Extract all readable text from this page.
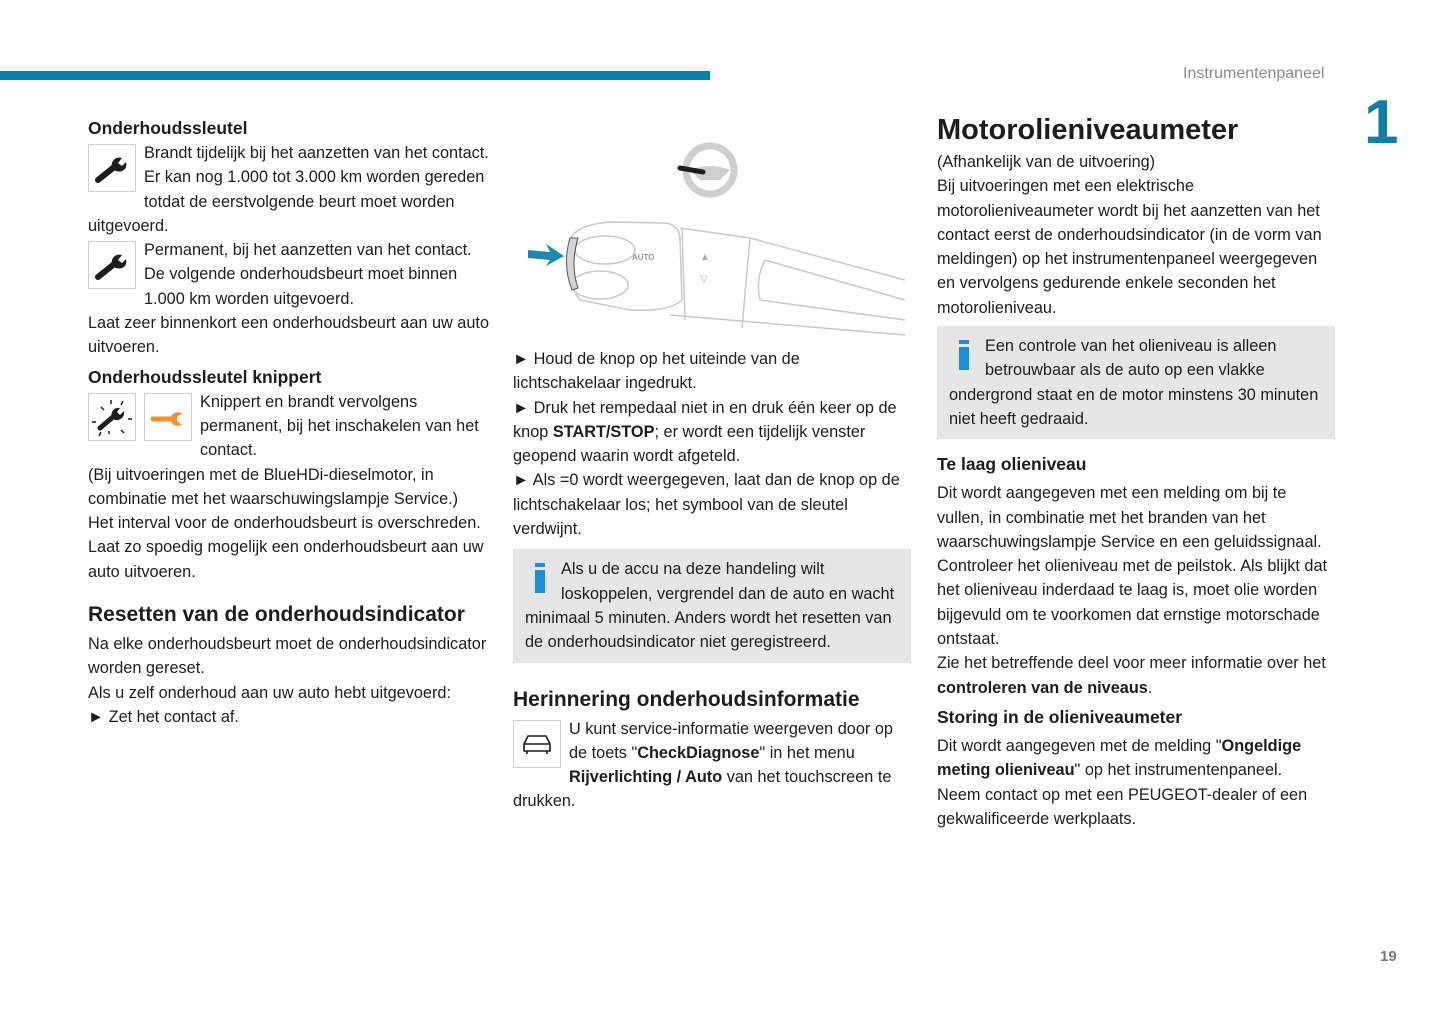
Instrumentenpaneel
1
19
Onderhoudssleutel

Brandt tijdelijk bij het aanzetten van het contact.

Er kan nog 1.000 tot 3.000 km worden gereden totdat de eerstvolgende beurt moet worden uitgevoerd.

Permanent, bij het aanzetten van het contact. De volgende onderhoudsbeurt moet binnen 1.000 km worden uitgevoerd.

Laat zeer binnenkort een onderhoudsbeurt aan uw auto uitvoeren.

Onderhoudssleutel knippert

Knippert en brandt vervolgens permanent, bij het inschakelen van het contact.

(Bij uitvoeringen met de BlueHDi-dieselmotor, in combinatie met het waarschuwingslampje Service.)

Het interval voor de onderhoudsbeurt is overschreden.

Laat zo spoedig mogelijk een onderhoudsbeurt aan uw auto uitvoeren.

Resetten van de onderhoudsindicator

Na elke onderhoudsbeurt moet de onderhoudsindicator worden gereset.

Als u zelf onderhoud aan uw auto hebt uitgevoerd:

► Zet het contact af.

AUTO	▲
▽

► Houd de knop op het uiteinde van de lichtschakelaar ingedrukt.

► Druk het rempedaal niet in en druk één keer op de knop START/STOP; er wordt een tijdelijk venster geopend waarin wordt afgeteld.

► Als =0 wordt weergegeven, laat dan de knop op de lichtschakelaar los; het symbool van de sleutel verdwijnt.

Als u de accu na deze handeling wilt loskoppelen, vergrendel dan de auto en wacht minimaal 5 minuten. Anders wordt het resetten van de onderhoudsindicator niet geregistreerd.
Herinnering onderhoudsinformatie

U kunt service-informatie weergeven door op de toets "CheckDiagnose" in het menu Rijverlichting / Auto van het touchscreen te drukken.

Motorolieniveaumeter

(Afhankelijk van de uitvoering)

Bij uitvoeringen met een elektrische motorolieniveaumeter wordt bij het aanzetten van het contact eerst de onderhoudsindicator (in de vorm van meldingen) op het instrumentenpaneel weergegeven en vervolgens gedurende enkele seconden het motorolieniveau.

Een controle van het olieniveau is alleen betrouwbaar als de auto op een vlakke ondergrond staat en de motor minstens 30 minuten niet heeft gedraaid.
Te laag olieniveau

Dit wordt aangegeven met een melding om bij te vullen, in combinatie met het branden van het waarschuwingslampje Service en een geluidssignaal.

Controleer het olieniveau met de peilstok. Als blijkt dat het olieniveau inderdaad te laag is, moet olie worden bijgevuld om te voorkomen dat ernstige motorschade ontstaat.

Zie het betreffende deel voor meer informatie over het controleren van de niveaus.

Storing in de olieniveaumeter

Dit wordt aangegeven met de melding "Ongeldige meting olieniveau" op het instrumentenpaneel.

Neem contact op met een PEUGEOT-dealer of een gekwalificeerde werkplaats.
